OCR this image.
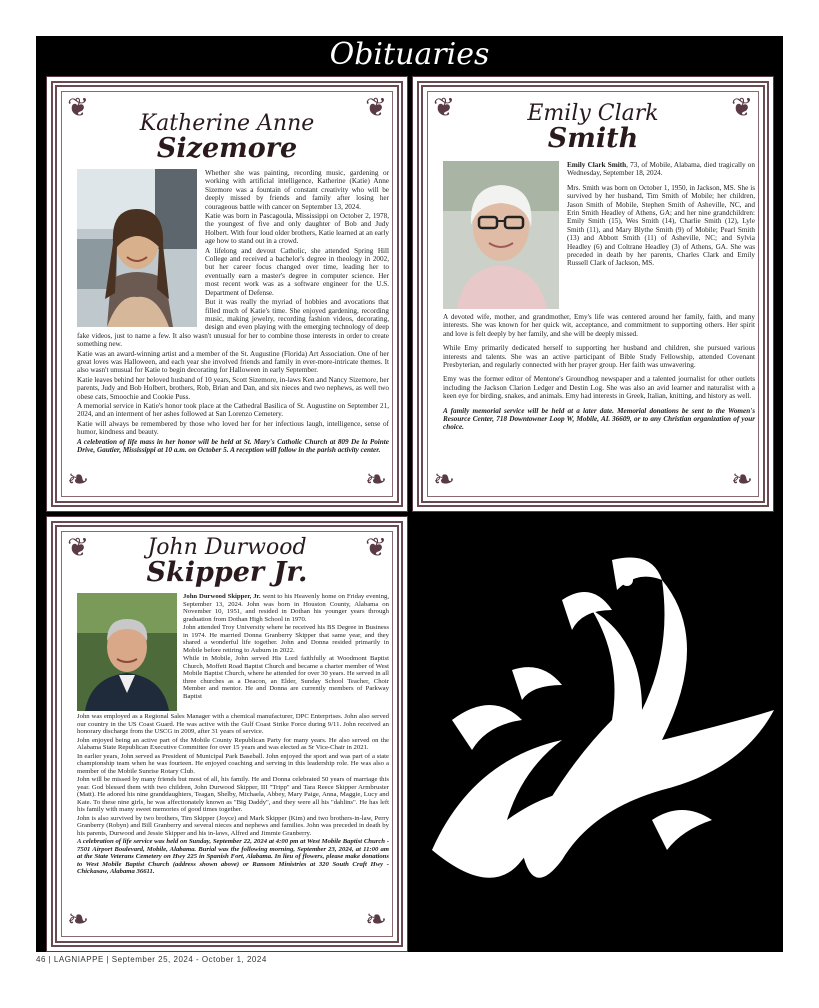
Obituaries
❦	❦
❧	❧
Katherine Anne
Sizemore

Whether she was painting, recording music, gardening or working with artificial intelligence, Katherine (Katie) Anne Sizemore was a fountain of constant creativity who will be deeply missed by friends and family after losing her courageous battle with cancer on September 13, 2024.

Katie was born in Pascagoula, Mississippi on October 2, 1978, the youngest of five and only daughter of Bob and Judy Holbert. With four loud older brothers, Katie learned at an early age how to stand out in a crowd.

A lifelong and devout Catholic, she attended Spring Hill College and received a bachelor's degree in theology in 2002, but her career focus changed over time, leading her to eventually earn a master's degree in computer science. Her most recent work was as a software engineer for the U.S. Department of Defense.

But it was really the myriad of hobbies and avocations that filled much of Katie's time. She enjoyed gardening, recording music, making jewelry, recording fashion videos, decorating, design and even playing with the emerging technology of deep fake videos, just to name a few. It also wasn't unusual for her to combine those interests in order to create something new.

Katie was an award-winning artist and a member of the St. Augustine (Florida) Art Association. One of her great loves was Halloween, and each year she involved friends and family in ever-more-intricate themes. It also wasn't unusual for Katie to begin decorating for Halloween in early September.

Katie leaves behind her beloved husband of 10 years, Scott Sizemore, in-laws Ken and Nancy Sizemore, her parents, Judy and Bob Holbert, brothers, Rob, Brian and Dan, and six nieces and two nephews, as well two obese cats, Smoochie and Cookie Puss.

A memorial service in Katie's honor took place at the Cathedral Basilica of St. Augustine on September 21, 2024, and an interment of her ashes followed at San Lorenzo Cemetery.

Katie will always be remembered by those who loved her for her infectious laugh, intelligence, sense of humor, kindness and beauty.

A celebration of life mass in her honor will be held at St. Mary's Catholic Church at 809 De la Pointe Drive, Gautier, Mississippi at 10 a.m. on October 5. A reception will follow in the parish activity center.

❦	❦
❧	❧
Emily Clark
Smith

Emily Clark Smith, 73, of Mobile, Alabama, died tragically on Wednesday, September 18, 2024.

Mrs. Smith was born on October 1, 1950, in Jackson, MS. She is survived by her husband, Tim Smith of Mobile; her children, Jason Smith of Mobile, Stephen Smith of Asheville, NC, and Erin Smith Headley of Athens, GA; and her nine grandchildren: Emily Smith (15), Wes Smith (14), Charlie Smith (12), Lyle Smith (11), and Mary Blythe Smith (9) of Mobile; Pearl Smith (13) and Abbott Smith (11) of Asheville, NC; and Sylvia Headley (6) and Coltrane Headley (3) of Athens, GA. She was preceded in death by her parents, Charles Clark and Emily Russell Clark of Jackson, MS.

A devoted wife, mother, and grandmother, Emy's life was centered around her family, faith, and many interests. She was known for her quick wit, acceptance, and commitment to supporting others. Her spirit and love is felt deeply by her family, and she will be deeply missed.

While Emy primarily dedicated herself to supporting her husband and children, she pursued various interests and talents. She was an active participant of Bible Study Fellowship, attended Covenant Presbyterian, and regularly connected with her prayer group. Her faith was unwavering.

Emy was the former editor of Mentone's Groundhog newspaper and a talented journalist for other outlets including the Jackson Clarion Ledger and Destin Log. She was also an avid learner and naturalist with a keen eye for birding, snakes, and animals. Emy had interests in Greek, Italian, knitting, and history as well.

A family memorial service will be held at a later date. Memorial donations be sent to the Women's Resource Center, 718 Downtowner Loop W, Mobile, AL 36609, or to any Christian organization of your choice.

❦	❦
❧	❧
John Durwood
Skipper Jr.

John Durwood Skipper, Jr. went to his Heavenly home on Friday evening, September 13, 2024. John was born in Houston County, Alabama on November 10, 1951, and resided in Dothan his younger years through graduation from Dothan High School in 1970.

John attended Troy University where he received his BS Degree in Business in 1974. He married Donna Granberry Skipper that same year, and they shared a wonderful life together. John and Donna resided primarily in Mobile before retiring to Auburn in 2022.

While in Mobile, John served His Lord faithfully at Woodmont Baptist Church, Moffett Road Baptist Church and became a charter member of West Mobile Baptist Church, where he attended for over 30 years. He served in all three churches as a Deacon, an Elder, Sunday School Teacher, Choir Member and mentor. He and Donna are currently members of Parkway Baptist

John was employed as a Regional Sales Manager with a chemical manufacturer, DPC Enterprises. John also served our country in the US Coast Guard. He was active with the Gulf Coast Strike Force during 9/11. John received an honorary discharge from the USCG in 2009, after 31 years of service.

John enjoyed being an active part of the Mobile County Republican Party for many years. He also served on the Alabama State Republican Executive Committee for over 15 years and was elected as Sr Vice-Chair in 2021.

In earlier years, John served as President of Municipal Park Baseball. John enjoyed the sport and was part of a state championship team when he was fourteen. He enjoyed coaching and serving in this leadership role. He was also a member of the Mobile Sunrise Rotary Club.

John will be missed by many friends but most of all, his family. He and Donna celebrated 50 years of marriage this year. God blessed them with two children, John Durwood Skipper, III "Tripp" and Tara Reece Skipper Armbruster (Matt). He adored his nine granddaughters, Teagan, Shelby, Michaela, Abbey, Mary Paige, Anna, Maggie, Lucy and Kate. To these nine girls, he was affectionately known as "Big Daddy", and they were all his "dahlins". He has left his family with many sweet memories of good times together.

John is also survived by two brothers, Tim Skipper (Joyce) and Mark Skipper (Kim) and two brothers-in-law, Perry Granberry (Robyn) and Bill Granberry and several nieces and nephews and families. John was preceded in death by his parents, Durwood and Jessie Skipper and his in-laws, Alfred and Jimmie Granberry.

A celebration of life service was held on Sunday, September 22, 2024 at 4:00 pm at West Mobile Baptist Church - 7501 Airport Boulevard, Mobile, Alabama. Burial was the following morning, September 23, 2024, at 11:00 am at the State Veterans Cemetery on Hwy 225 in Spanish Fort, Alabama. In lieu of flowers, please make donations to West Mobile Baptist Church (address shown above) or Ransom Ministries at 320 South Craft Hwy - Chickasaw, Alabama 36611.

46 | LAGNIAPPE | September 25, 2024 - October 1, 2024
